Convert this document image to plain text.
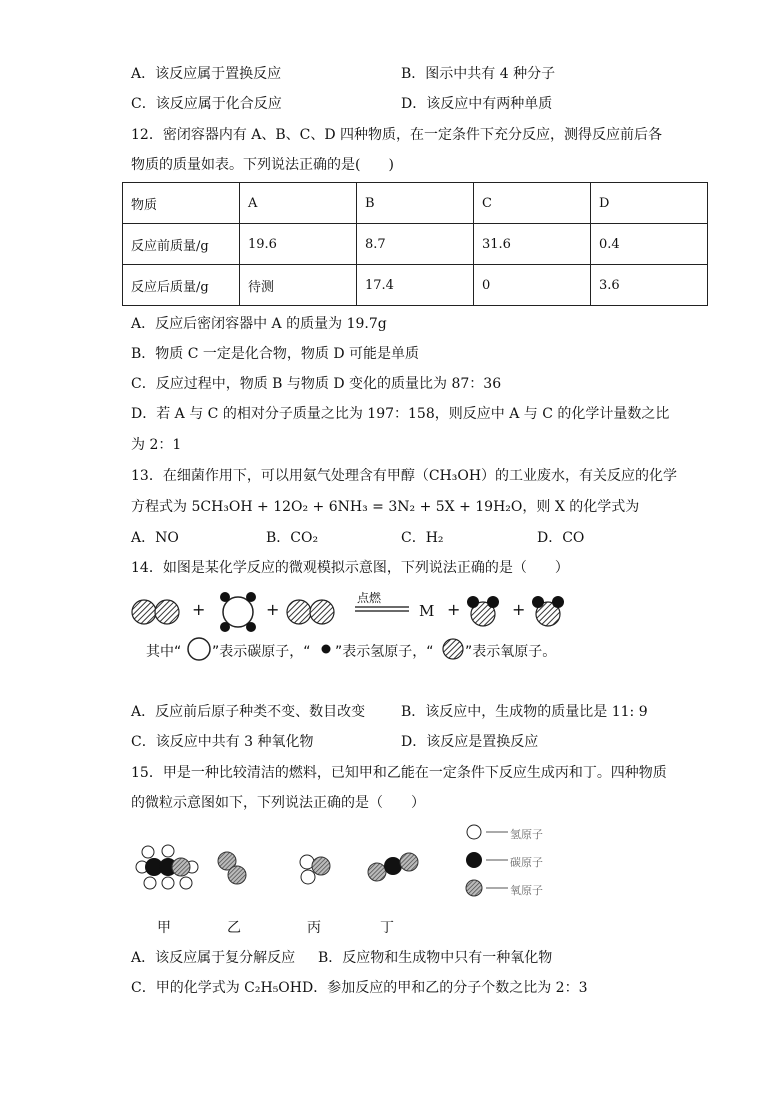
A．该反应属于置换反应	B．图示中共有 4 种分子
C．该反应属于化合反应	D．该反应中有两种单质
12．密闭容器内有 A、B、C、D 四种物质，在一定条件下充分反应，测得反应前后各
物质的质量如表。下列说法正确的是(　　)
物质	A	B	C	D
反应前质量/g	19.6	8.7	31.6	0.4
反应后质量/g	待测	17.4	0	3.6
A．反应后密闭容器中 A 的质量为 19.7g
B．物质 C 一定是化合物，物质 D 可能是单质
C．反应过程中，物质 B 与物质 D 变化的质量比为 87：36
D．若 A 与 C 的相对分子质量之比为 197：158，则反应中 A 与 C 的化学计量数之比
为 2：1
13．在细菌作用下，可以用氨气处理含有甲醇（CH₃OH）的工业废水，有关反应的化学
方程式为 5CH₃OH + 12O₂ + 6NH₃ = 3N₂ + 5X + 19H₂O，则 X 的化学式为
A．NO	B．CO₂	C．H₂	D．CO
14．如图是某化学反应的微观模拟示意图，下列说法正确的是（　　）
+	+
点燃
M +	+
其中“ ”表示碳原子，“ ”表示氢原子，“ ”表示氧原子。
A．反应前后原子种类不变、数目改变	B．该反应中，生成物的质量比是 11: 9
C．该反应中共有 3 种氧化物	D．该反应是置换反应
15．甲是一种比较清洁的燃料，已知甲和乙能在一定条件下反应生成丙和丁。四种物质
的微粒示意图如下，下列说法正确的是（　　）
氢原子
碳原子
氧原子
甲	乙	丙	丁
A．该反应属于复分解反应 B．反应物和生成物中只有一种氧化物
C．甲的化学式为 C₂H₅OH D．参加反应的甲和乙的分子个数之比为 2：3
